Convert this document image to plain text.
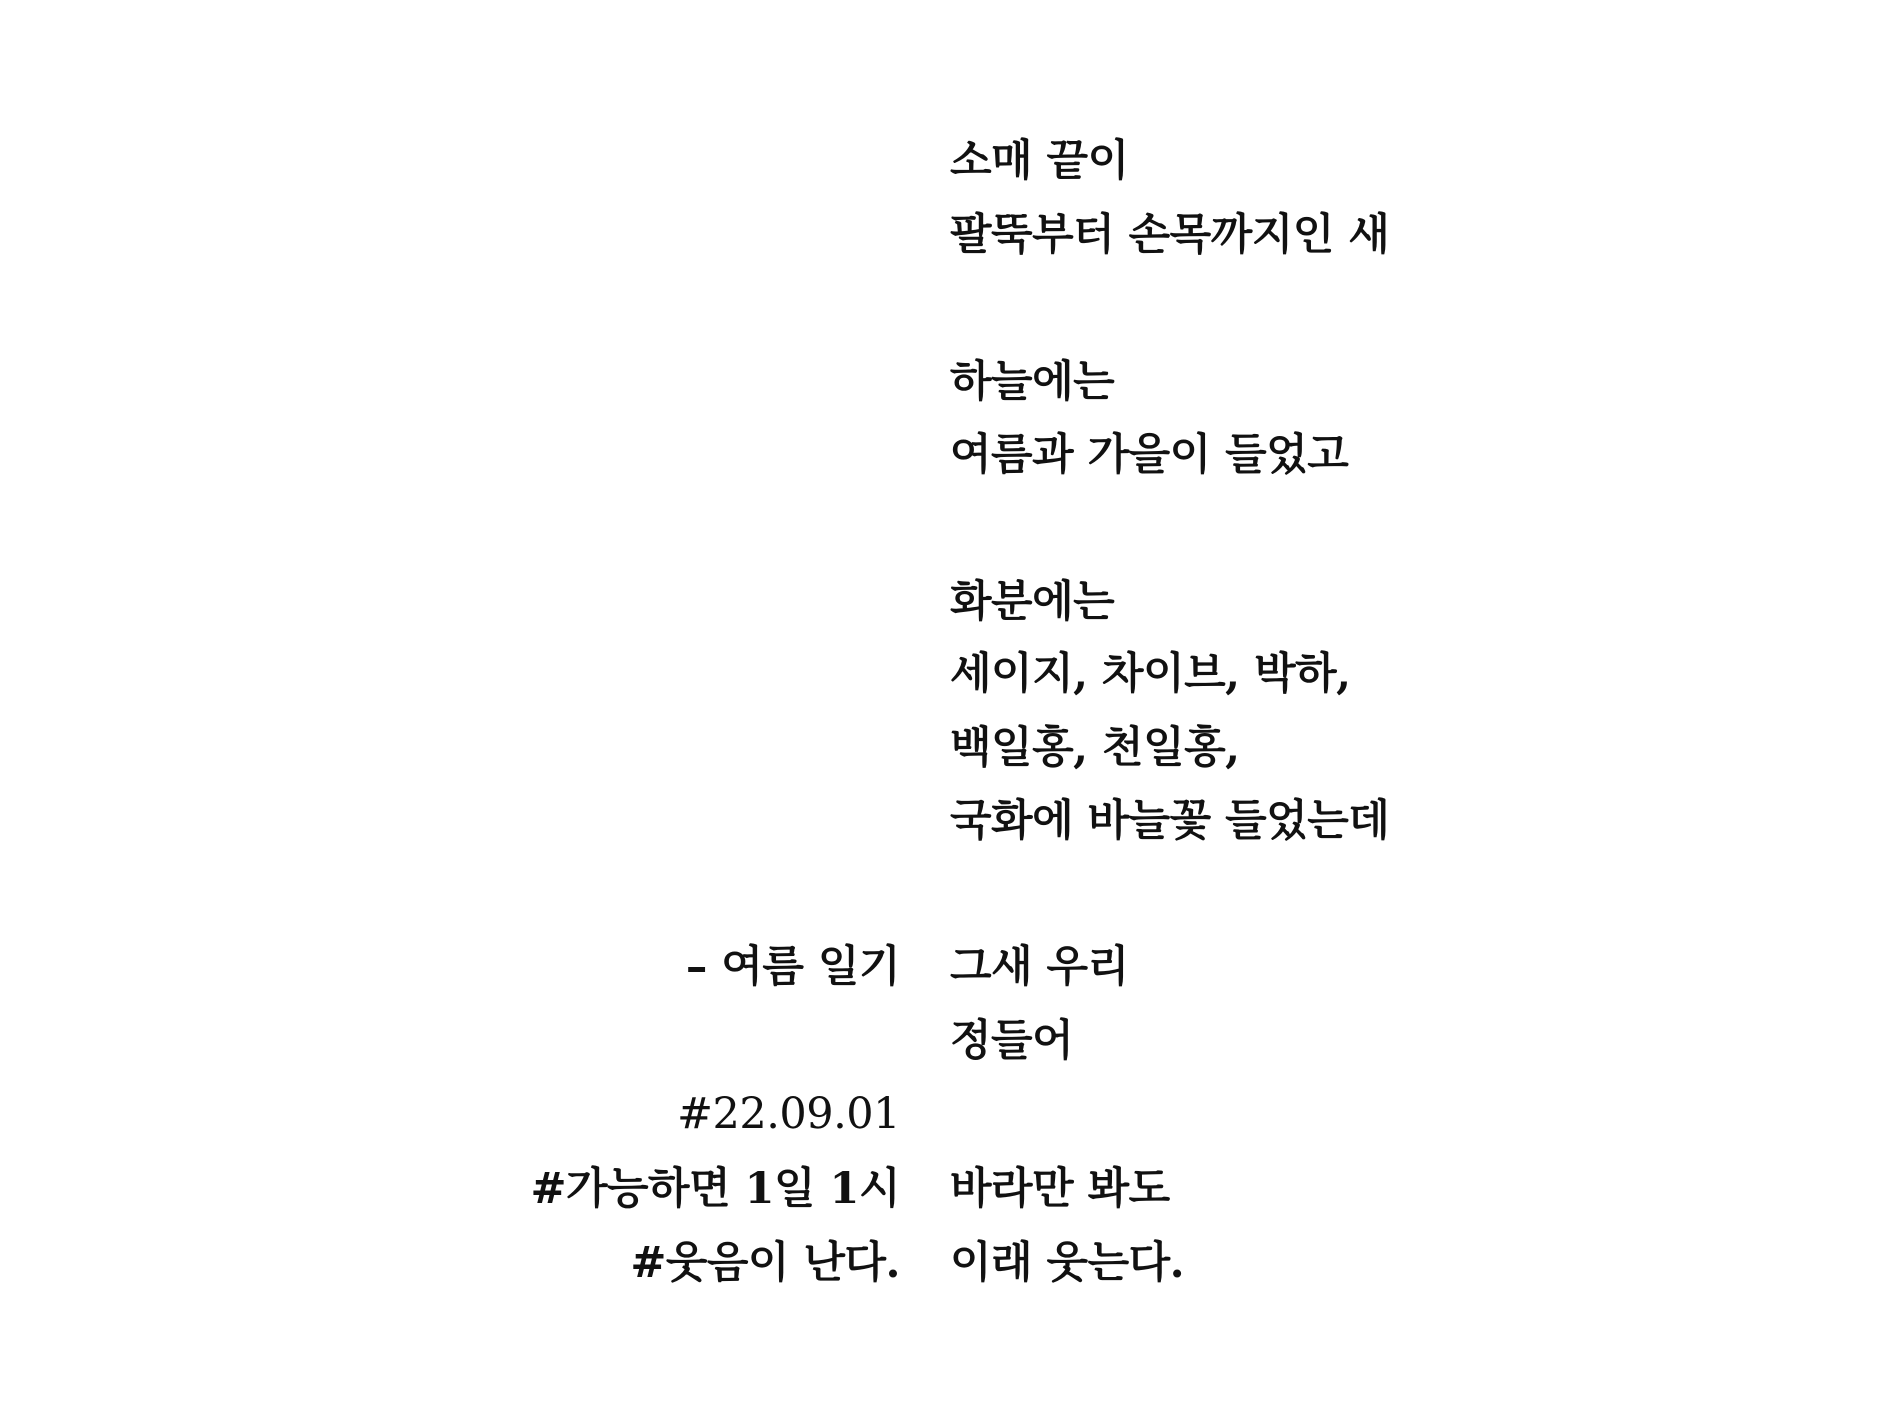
– 여름 일기
#22.09.01
#가능하면 1일 1시
#웃음이 난다.
소매 끝이
팔뚝부터 손목까지인 새
하늘에는
여름과 가을이 들었고
화분에는
세이지, 차이브, 박하,
백일홍, 천일홍,
국화에 바늘꽃 들었는데
그새 우리
정들어
바라만 봐도
이래 웃는다.
